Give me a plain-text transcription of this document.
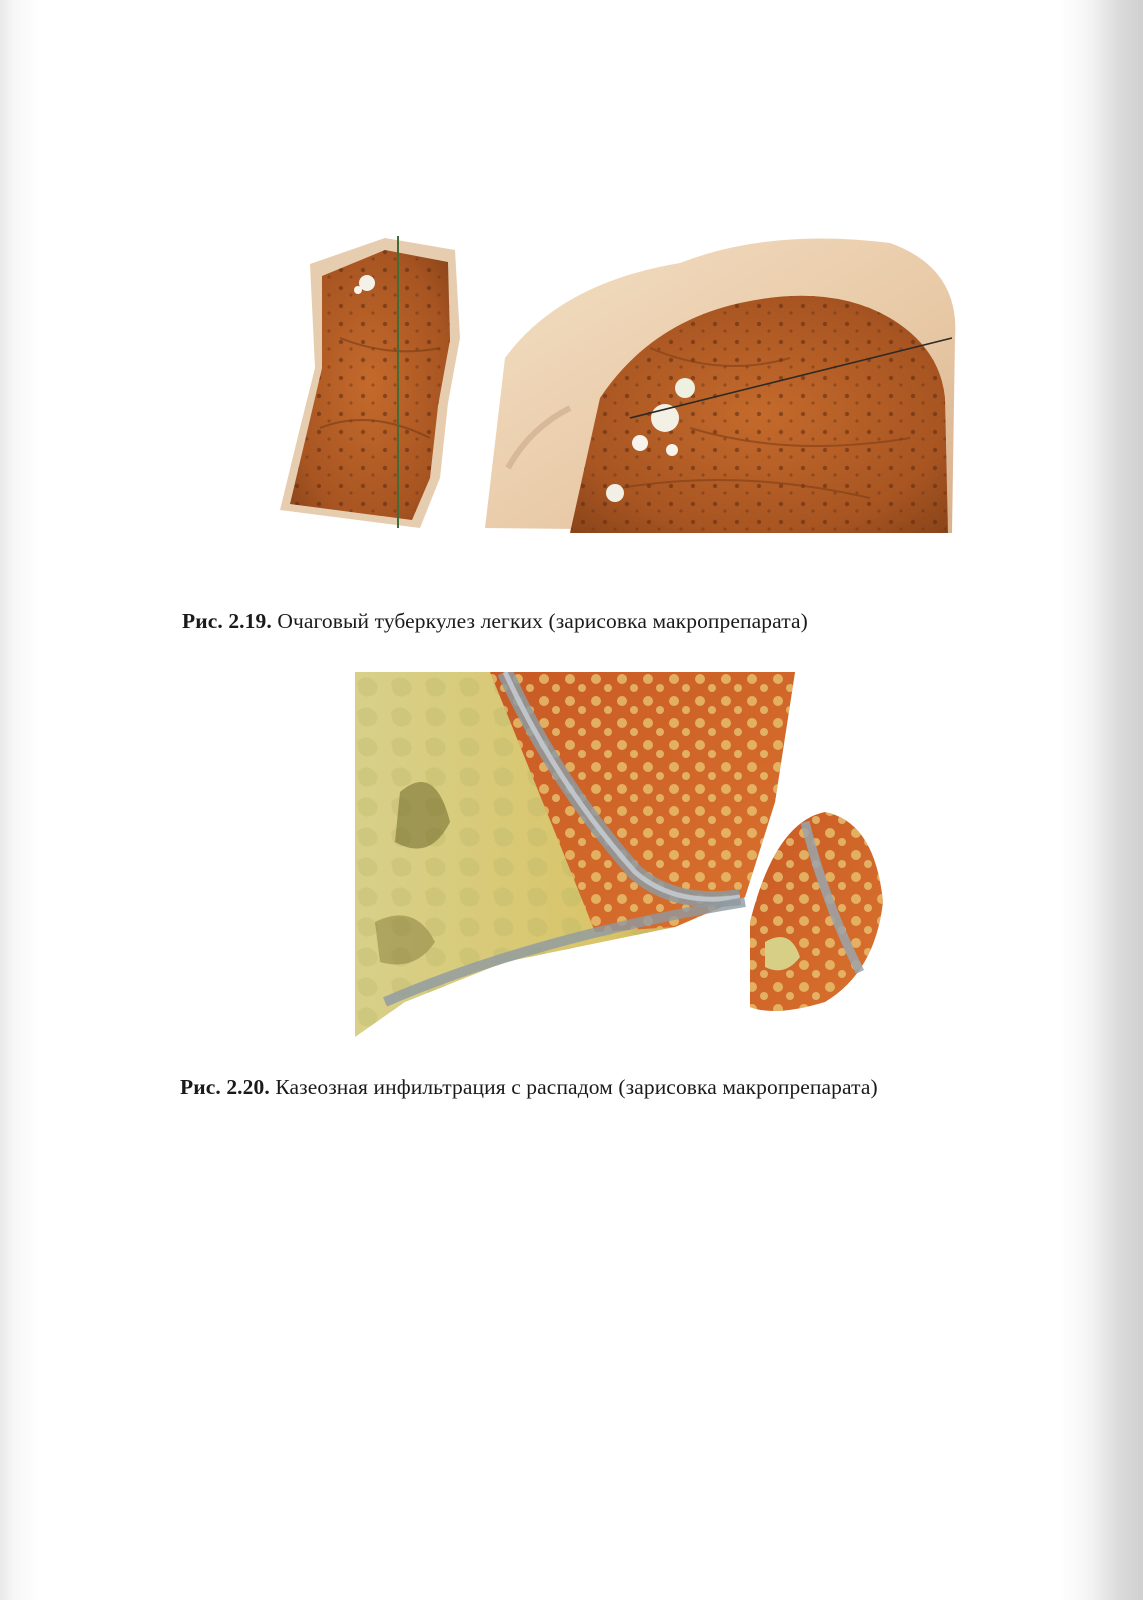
Рис. 2.19. Очаговый туберкулез легких (зарисовка макропрепарата)
Рис. 2.20. Казеозная инфильтрация с распадом (зарисовка макропрепарата)
